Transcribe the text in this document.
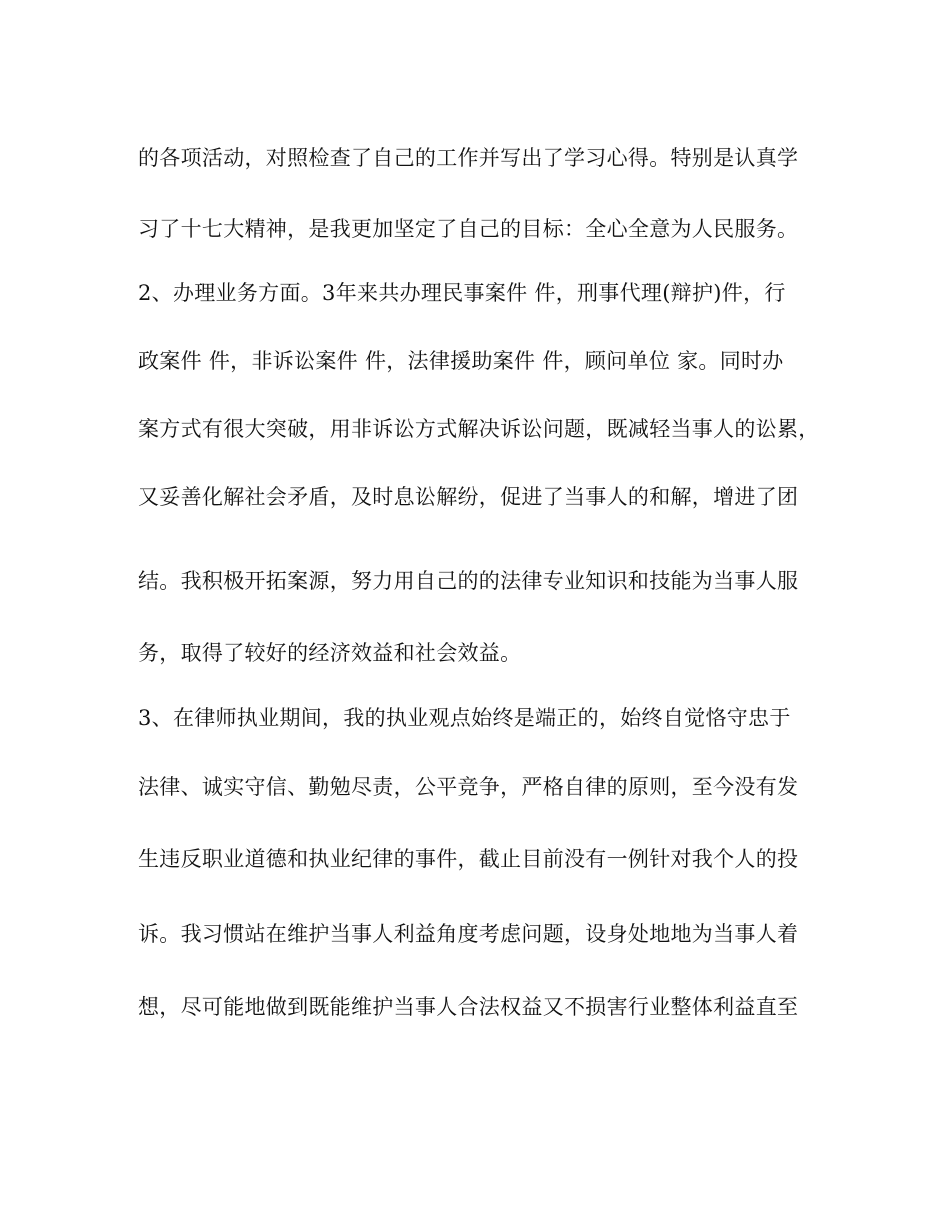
的各项活动，对照检查了自己的工作并写出了学习心得。特别是认真学
习了十七大精神，是我更加坚定了自己的目标：全心全意为人民服务。
2、办理业务方面。3年来共办理民事案件 件，刑事代理(辩护)件，行
政案件 件，非诉讼案件 件，法律援助案件 件，顾问单位 家。同时办
案方式有很大突破，用非诉讼方式解决诉讼问题，既减轻当事人的讼累，
又妥善化解社会矛盾，及时息讼解纷，促进了当事人的和解，增进了团
结。我积极开拓案源，努力用自己的的法律专业知识和技能为当事人服
务，取得了较好的经济效益和社会效益。
3、在律师执业期间，我的执业观点始终是端正的，始终自觉恪守忠于
法律、诚实守信、勤勉尽责，公平竞争，严格自律的原则，至今没有发
生违反职业道德和执业纪律的事件，截止目前没有一例针对我个人的投
诉。我习惯站在维护当事人利益角度考虑问题，设身处地地为当事人着
想，尽可能地做到既能维护当事人合法权益又不损害行业整体利益直至
